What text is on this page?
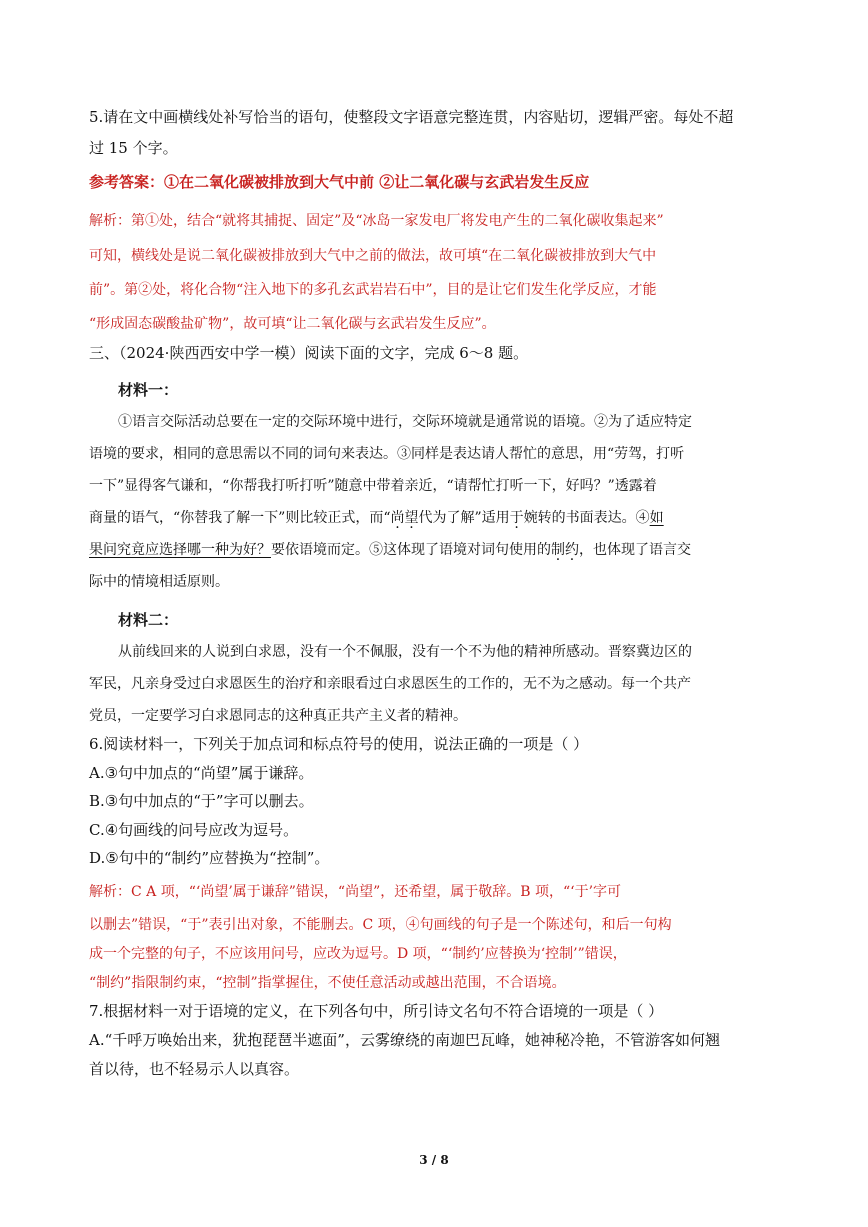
5.请在文中画横线处补写恰当的语句，使整段文字语意完整连贯，内容贴切，逻辑严密。每处不超
过 15 个字。
参考答案：①在二氧化碳被排放到大气中前 ②让二氧化碳与玄武岩发生反应
解析：第①处，结合“就将其捕捉、固定”及“冰岛一家发电厂将发电产生的二氧化碳收集起来”
可知，横线处是说二氧化碳被排放到大气中之前的做法，故可填“在二氧化碳被排放到大气中
前”。第②处，将化合物“注入地下的多孔玄武岩岩石中”，目的是让它们发生化学反应，才能
“形成固态碳酸盐矿物”，故可填“让二氧化碳与玄武岩发生反应”。
三、（2024·陕西西安中学一模）阅读下面的文字，完成 6～8 题。
材料一：
①语言交际活动总要在一定的交际环境中进行，交际环境就是通常说的语境。②为了适应特定
语境的要求，相同的意思需以不同的词句来表达。③同样是表达请人帮忙的意思，用“劳驾，打听
一下”显得客气谦和，“你帮我打听打听”随意中带着亲近，“请帮忙打听一下，好吗？”透露着
商量的语气，“你替我了解一下”则比较正式，而“尚望代为了解”适用于婉转的书面表达。④如
果问究竟应选择哪一种为好？要依语境而定。⑤这体现了语境对词句使用的制约，也体现了语言交
际中的情境相适原则。
材料二：
从前线回来的人说到白求恩，没有一个不佩服，没有一个不为他的精神所感动。晋察冀边区的
军民，凡亲身受过白求恩医生的治疗和亲眼看过白求恩医生的工作的，无不为之感动。每一个共产
党员，一定要学习白求恩同志的这种真正共产主义者的精神。
6.阅读材料一，下列关于加点词和标点符号的使用，说法正确的一项是（ ）
A.③句中加点的“尚望”属于谦辞。
B.③句中加点的“于”字可以删去。
C.④句画线的问号应改为逗号。
D.⑤句中的“制约”应替换为“控制”。
解析：C A 项，“‘尚望’属于谦辞”错误，“尚望”，还希望，属于敬辞。B 项，“‘于’字可
以删去”错误，“于”表引出对象，不能删去。C 项，④句画线的句子是一个陈述句，和后一句构
成一个完整的句子，不应该用问号，应改为逗号。D 项，“‘制约’应替换为‘控制’”错误，
“制约”指限制约束，“控制”指掌握住，不使任意活动或越出范围，不合语境。
7.根据材料一对于语境的定义，在下列各句中，所引诗文名句不符合语境的一项是（ ）
A.“千呼万唤始出来，犹抱琵琶半遮面”，云雾缭绕的南迦巴瓦峰，她神秘冷艳，不管游客如何翘
首以待，也不轻易示人以真容。
3 / 8
